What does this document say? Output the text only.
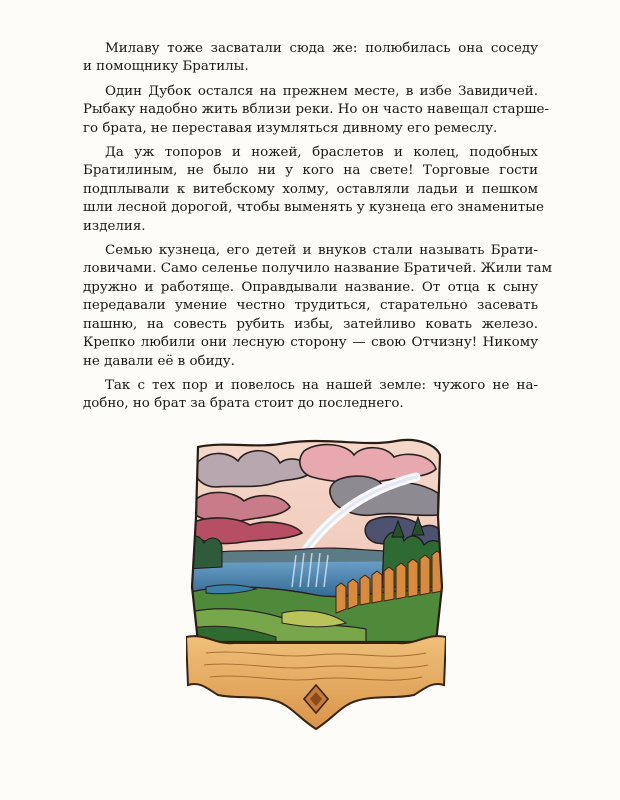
Милаву тоже засватали сюда же: полюбилась она соседу
и помощнику Братилы.

Один Дубок остался на прежнем месте, в избе Завидичей.
Рыбаку надобно жить вблизи реки. Но он часто навещал старше-
го брата, не переставая изумляться дивному его ремеслу.

Да уж топоров и ножей, браслетов и колец, подобных
Братилиным, не было ни у кого на свете! Торговые гости
подплывали к витебскому холму, оставляли ладьи и пешком
шли лесной дорогой, чтобы выменять у кузнеца его знаменитые
изделия.

Семью кузнеца, его детей и внуков стали называть Брати-
ловичами. Само селенье получило название Братичей. Жили там
дружно и работяще. Оправдывали название. От отца к сыну
передавали умение честно трудиться, старательно засевать
пашню, на совесть рубить избы, затейливо ковать железо.
Крепко любили они лесную сторону — свою Отчизну! Никому
не давали её в обиду.

Так с тех пор и повелось на нашей земле: чужого не на-
добно, но брат за брата стоит до последнего.
